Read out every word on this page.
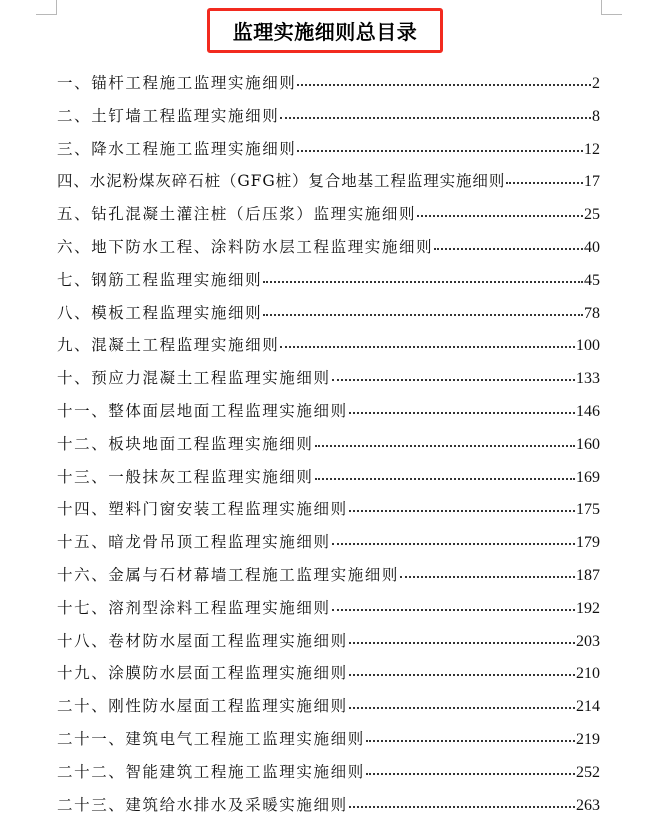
监理实施细则总目录
一、锚杆工程施工监理实施细则	2
二、土钉墙工程监理实施细则	8
三、降水工程施工监理实施细则	12
四、水泥粉煤灰碎石桩（GFG桩）复合地基工程监理实施细则	17
五、钻孔混凝土灌注桩（后压浆）监理实施细则	25
六、地下防水工程、涂料防水层工程监理实施细则	40
七、钢筋工程监理实施细则	45
八、模板工程监理实施细则	78
九、混凝土工程监理实施细则	100
十、预应力混凝土工程监理实施细则	133
十一、整体面层地面工程监理实施细则	146
十二、板块地面工程监理实施细则	160
十三、一般抹灰工程监理实施细则	169
十四、塑料门窗安装工程监理实施细则	175
十五、暗龙骨吊顶工程监理实施细则	179
十六、金属与石材幕墙工程施工监理实施细则	187
十七、溶剂型涂料工程监理实施细则	192
十八、卷材防水屋面工程监理实施细则	203
十九、涂膜防水层面工程监理实施细则	210
二十、刚性防水屋面工程监理实施细则	214
二十一、建筑电气工程施工监理实施细则	219
二十二、智能建筑工程施工监理实施细则	252
二十三、建筑给水排水及采暖实施细则	263
